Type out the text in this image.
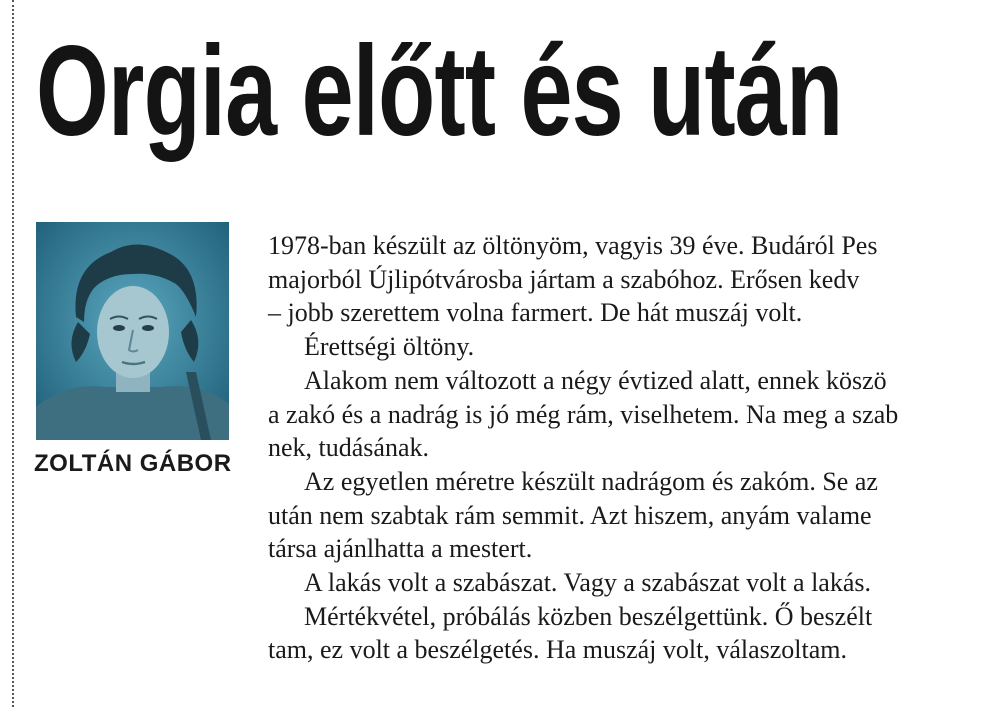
Orgia előtt és után
ZOLTÁN GÁBOR
1978-ban készült az öltönyöm, vagyis 39 éve. Budáról Pes
majorból Újlipótvárosba jártam a szabóhoz. Erősen kedv
– jobb szerettem volna farmert. De hát muszáj volt.
Érettségi öltöny.
Alakom nem változott a négy évtized alatt, ennek köszö
a zakó és a nadrág is jó még rám, viselhetem. Na meg a szab
nek, tudásának.
Az egyetlen méretre készült nadrágom és zakóm. Se az
után nem szabtak rám semmit. Azt hiszem, anyám valame
társa ajánlhatta a mestert.
A lakás volt a szabászat. Vagy a szabászat volt a lakás.
Mértékvétel, próbálás közben beszélgettünk. Ő beszélt
tam, ez volt a beszélgetés. Ha muszáj volt, válaszoltam.
